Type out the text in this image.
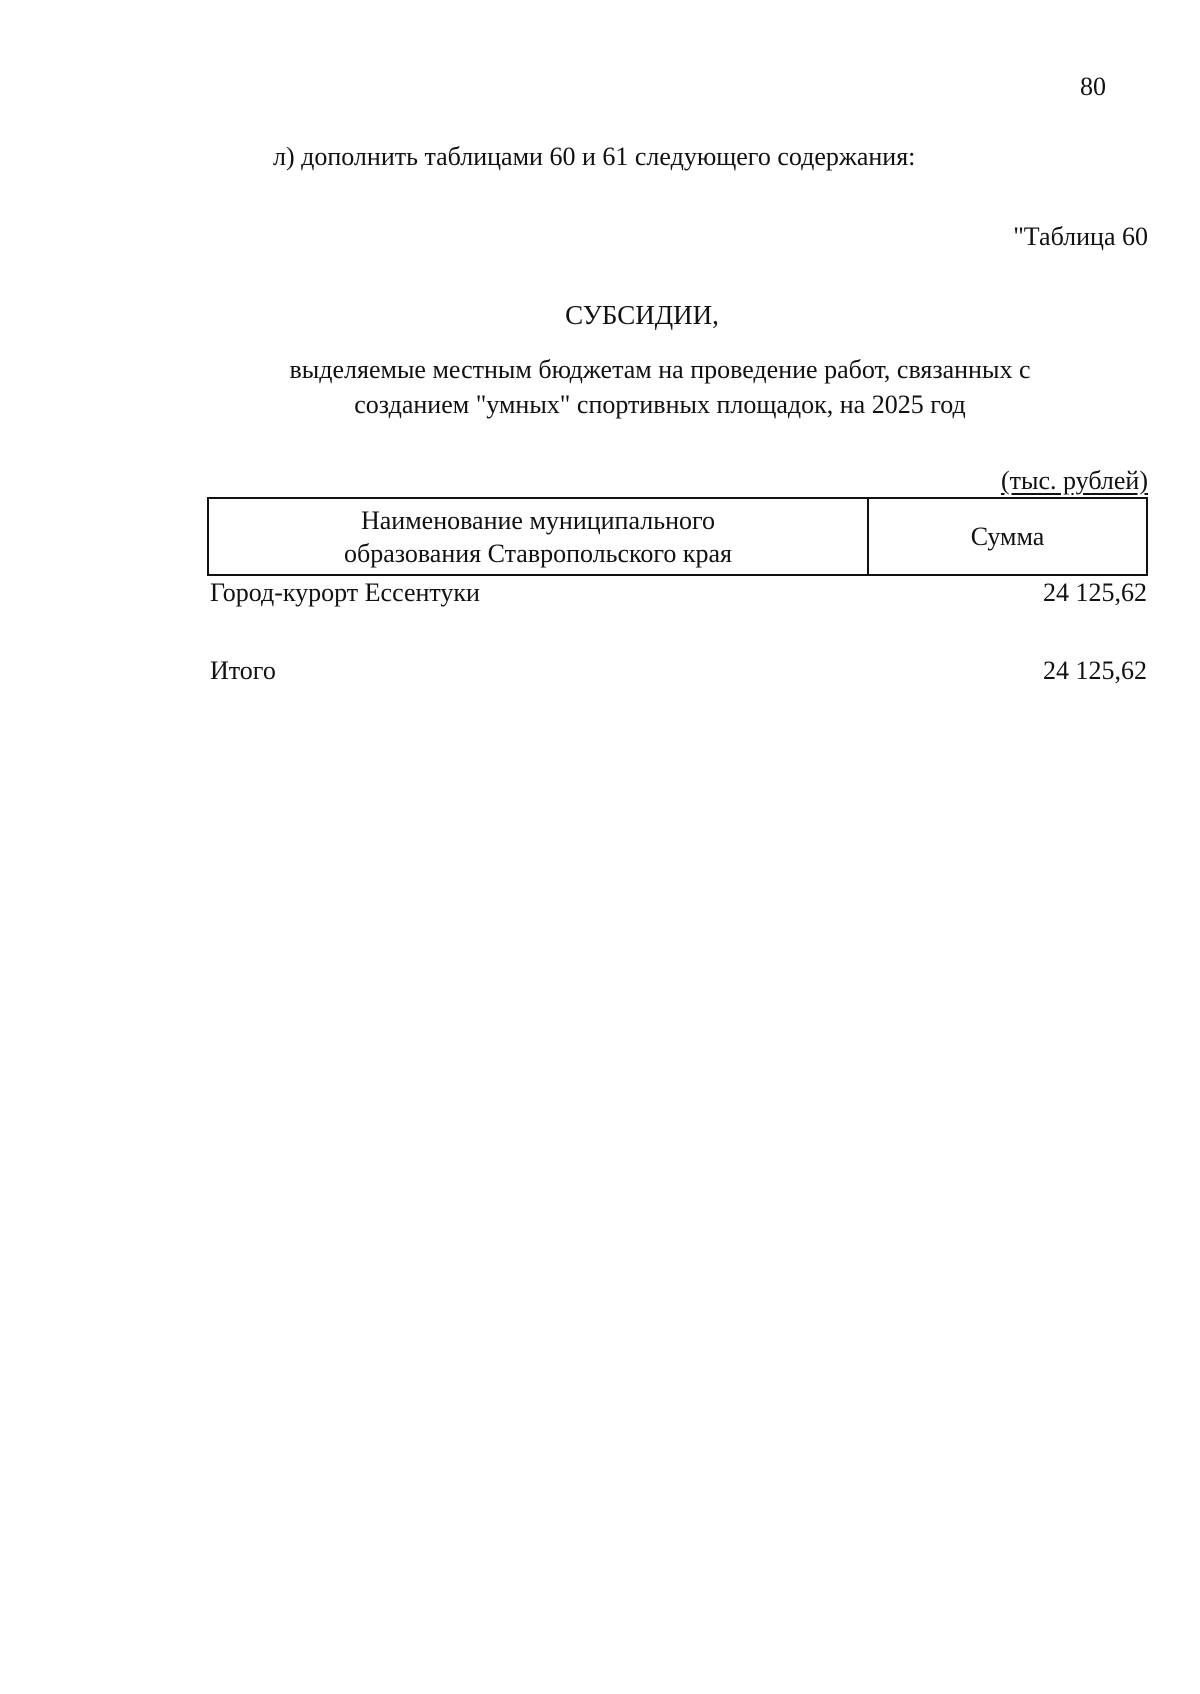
80
л) дополнить таблицами 60 и 61 следующего содержания:
"Таблица 60
СУБСИДИИ,
выделяемые местным бюджетам на проведение работ, связанных с
созданием "умных" спортивных площадок, на 2025 год
(тыс. рублей)
Наименование муниципального
образования Ставропольского края
Сумма
Город-курорт Ессентуки	24 125,62
Итого	24 125,62
